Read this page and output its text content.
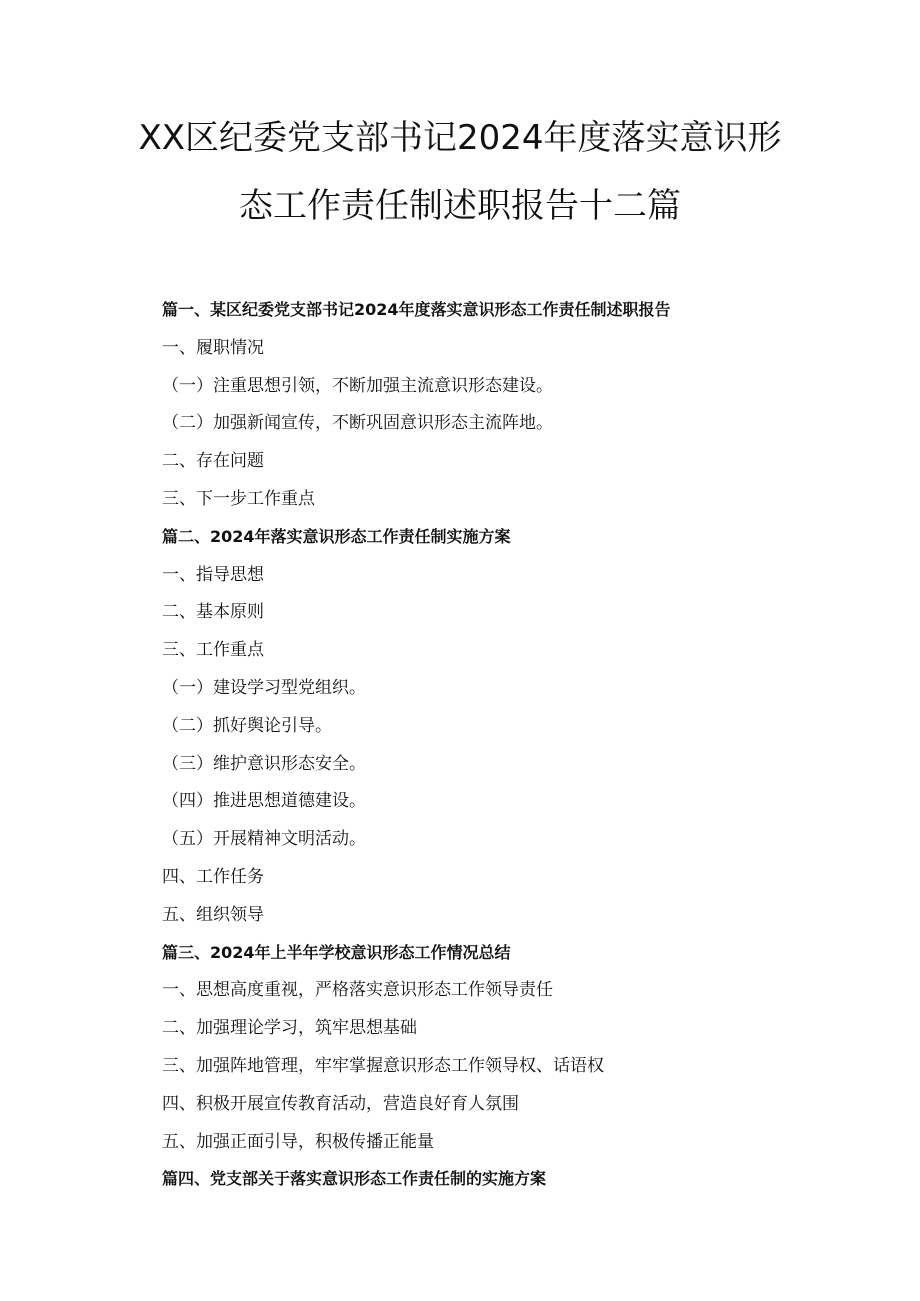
XX区纪委党支部书记2024年度落实意识形
态工作责任制述职报告十二篇
篇一、某区纪委党支部书记2024年度落实意识形态工作责任制述职报告
一、履职情况
（一）注重思想引领，不断加强主流意识形态建设。
（二）加强新闻宣传，不断巩固意识形态主流阵地。
二、存在问题
三、下一步工作重点
篇二、2024年落实意识形态工作责任制实施方案
一、指导思想
二、基本原则
三、工作重点
（一）建设学习型党组织。
（二）抓好舆论引导。
（三）维护意识形态安全。
（四）推进思想道德建设。
（五）开展精神文明活动。
四、工作任务
五、组织领导
篇三、2024年上半年学校意识形态工作情况总结
一、思想高度重视，严格落实意识形态工作领导责任
二、加强理论学习，筑牢思想基础
三、加强阵地管理，牢牢掌握意识形态工作领导权、话语权
四、积极开展宣传教育活动，营造良好育人氛围
五、加强正面引导，积极传播正能量
篇四、党支部关于落实意识形态工作责任制的实施方案
